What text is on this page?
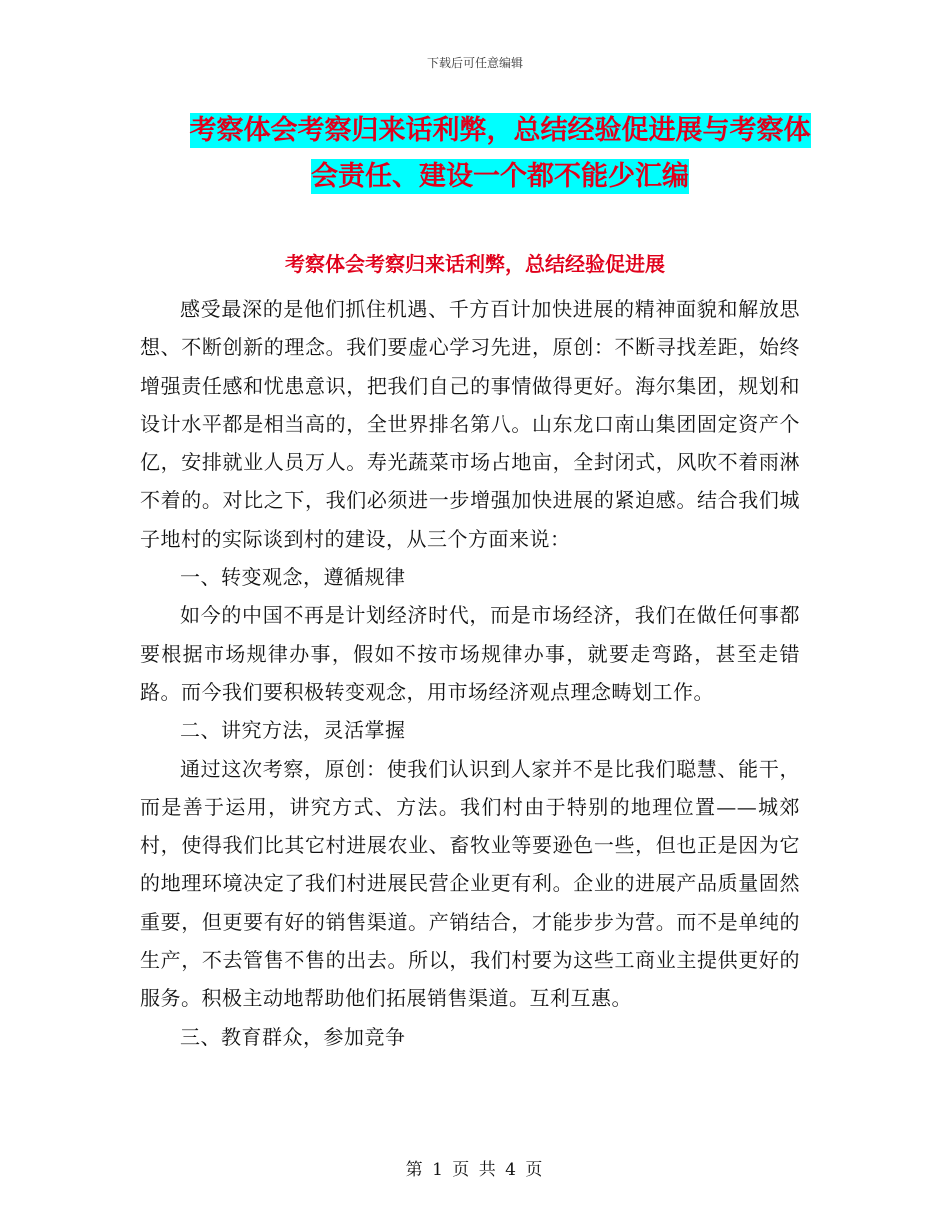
下载后可任意编辑
考察体会考察归来话利弊，总结经验促进展与考察体
会责任、建设一个都不能少汇编
考察体会考察归来话利弊，总结经验促进展

感受最深的是他们抓住机遇、千方百计加快进展的精神面貌和解放思想、不断创新的理念。我们要虚心学习先进，原创：不断寻找差距，始终增强责任感和忧患意识，把我们自己的事情做得更好。海尔集团，规划和设计水平都是相当高的，全世界排名第八。山东龙口南山集团固定资产个亿，安排就业人员万人。寿光蔬菜市场占地亩，全封闭式，风吹不着雨淋不着的。对比之下，我们必须进一步增强加快进展的紧迫感。结合我们城子地村的实际谈到村的建设，从三个方面来说：

一、转变观念，遵循规律

如今的中国不再是计划经济时代，而是市场经济，我们在做任何事都要根据市场规律办事，假如不按市场规律办事，就要走弯路，甚至走错路。而今我们要积极转变观念，用市场经济观点理念畴划工作。

二、讲究方法，灵活掌握

通过这次考察，原创：使我们认识到人家并不是比我们聪慧、能干，而是善于运用，讲究方式、方法。我们村由于特别的地理位置——城郊村，使得我们比其它村进展农业、畜牧业等要逊色一些，但也正是因为它的地理环境决定了我们村进展民营企业更有利。企业的进展产品质量固然重要，但更要有好的销售渠道。产销结合，才能步步为营。而不是单纯的生产，不去管售不售的出去。所以，我们村要为这些工商业主提供更好的服务。积极主动地帮助他们拓展销售渠道。互利互惠。

三、教育群众，参加竞争

第 1 页 共 4 页
